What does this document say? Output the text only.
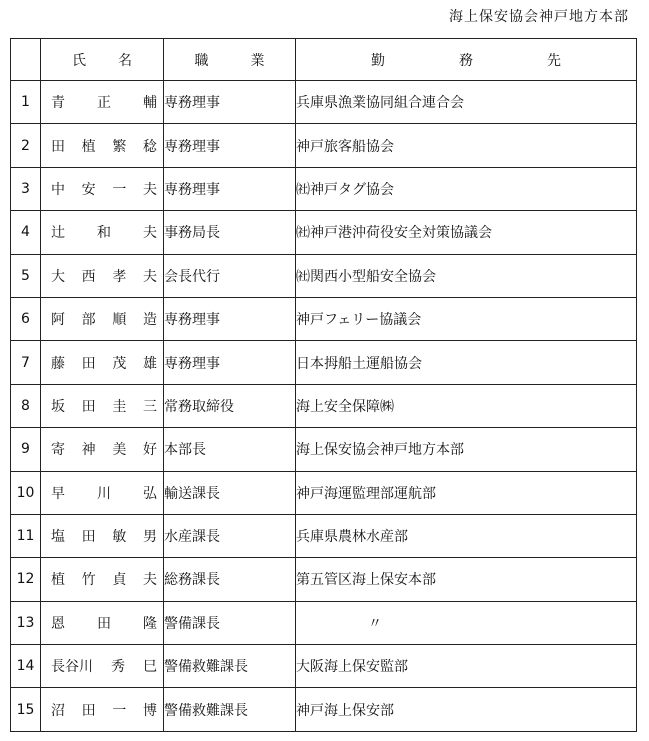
海上保安協会神戸地方本部

	氏 名	職 業	勤 務 先

1	青 正 輔	専務理事	兵庫県漁業協同組合連合会
2	田 植 繁 稔	専務理事	神戸旅客船協会
3	中 安 一 夫	専務理事	㈳神戸タグ協会
4	辻 和 夫	事務局長	㈳神戸港沖荷役安全対策協議会
5	大 西 孝 夫	会長代行	㈳関西小型船安全協会
6	阿 部 順 造	専務理事	神戸フェリー協議会
7	藤 田 茂 雄	専務理事	日本拇船土運船協会
8	坂 田 圭 三	常務取締役	海上安全保障㈱
9	寄 神 美 好	本部長	海上保安協会神戸地方本部
10	早 川 弘	輸送課長	神戸海運監理部運航部
11	塩 田 敏 男	水産課長	兵庫県農林水産部
12	植 竹 貞 夫	総務課長	第五管区海上保安本部
13	恩 田 隆	警備課長	〃
14	長谷川 秀 巳	警備救難課長	大阪海上保安監部
15	沼 田 一 博	警備救難課長	神戸海上保安部
